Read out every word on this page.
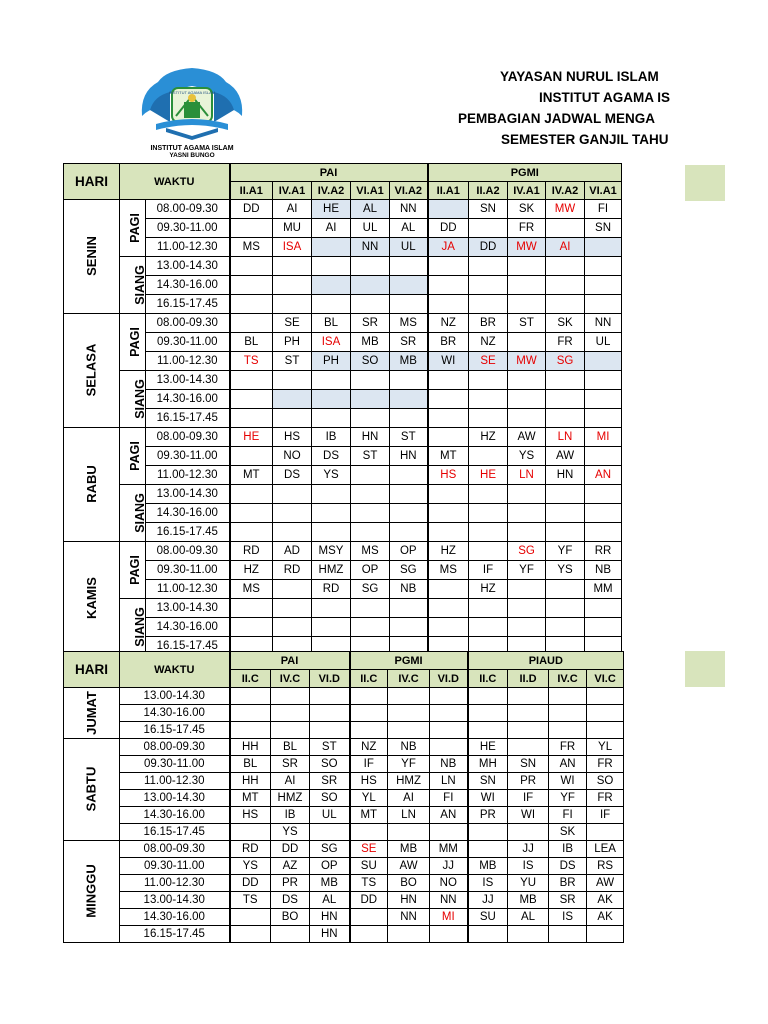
INSTITUT AGAMA ISLAM
INSTITUT AGAMA ISLAM
YASNI BUNGO
YAYASAN NURUL ISLAM
INSTITUT AGAMA IS
PEMBAGIAN JADWAL MENGA
SEMESTER GANJIL TAHU
HARI	WAKTU		PAI					PGMI				
			II.A1	IV.A1	IV.A2	VI.A1	VI.A2	II.A1	II.A2	IV.A1	IV.A2	VI.A1
SENIN	PAGI	08.00-09.30	DD	AI	HE	AL	NN		SN	SK	MW	FI
		09.30-11.00		MU	AI	UL	AL	DD		FR		SN
		11.00-12.30	MS	ISA		NN	UL	JA	DD	MW	AI	
	SIANG	13.00-14.30										
		14.30-16.00										
		16.15-17.45										
SELASA	PAGI	08.00-09.30		SE	BL	SR	MS	NZ	BR	ST	SK	NN
		09.30-11.00	BL	PH	ISA	MB	SR	BR	NZ		FR	UL
		11.00-12.30	TS	ST	PH	SO	MB	WI	SE	MW	SG	
	SIANG	13.00-14.30										
		14.30-16.00										
		16.15-17.45										
RABU	PAGI	08.00-09.30	HE	HS	IB	HN	ST		HZ	AW	LN	MI
		09.30-11.00		NO	DS	ST	HN	MT		YS	AW	
		11.00-12.30	MT	DS	YS			HS	HE	LN	HN	AN
	SIANG	13.00-14.30										
		14.30-16.00										
		16.15-17.45										
KAMIS	PAGI	08.00-09.30	RD	AD	MSY	MS	OP	HZ		SG	YF	RR
		09.30-11.00	HZ	RD	HMZ	OP	SG	MS	IF	YF	YS	NB
		11.00-12.30	MS		RD	SG	NB		HZ			MM
	SIANG	13.00-14.30										
		14.30-16.00										
		16.15-17.45										
HARI	WAKTU	PAI			PGMI			PIAUD			
		II.C	IV.C	VI.D	II.C	IV.C	VI.D	II.C	II.D	IV.C	VI.C
JUMAT	13.00-14.30										
	14.30-16.00										
	16.15-17.45										
SABTU	08.00-09.30	HH	BL	ST	NZ	NB		HE		FR	YL
	09.30-11.00	BL	SR	SO	IF	YF	NB	MH	SN	AN	FR
	11.00-12.30	HH	AI	SR	HS	HMZ	LN	SN	PR	WI	SO
	13.00-14.30	MT	HMZ	SO	YL	AI	FI	WI	IF	YF	FR
	14.30-16.00	HS	IB	UL	MT	LN	AN	PR	WI	FI	IF
	16.15-17.45		YS							SK	
MINGGU	08.00-09.30	RD	DD	SG	SE	MB	MM		JJ	IB	LEA
	09.30-11.00	YS	AZ	OP	SU	AW	JJ	MB	IS	DS	RS
	11.00-12.30	DD	PR	MB	TS	BO	NO	IS	YU	BR	AW
	13.00-14.30	TS	DS	AL	DD	HN	NN	JJ	MB	SR	AK
	14.30-16.00		BO	HN		NN	MI	SU	AL	IS	AK
	16.15-17.45			HN							
